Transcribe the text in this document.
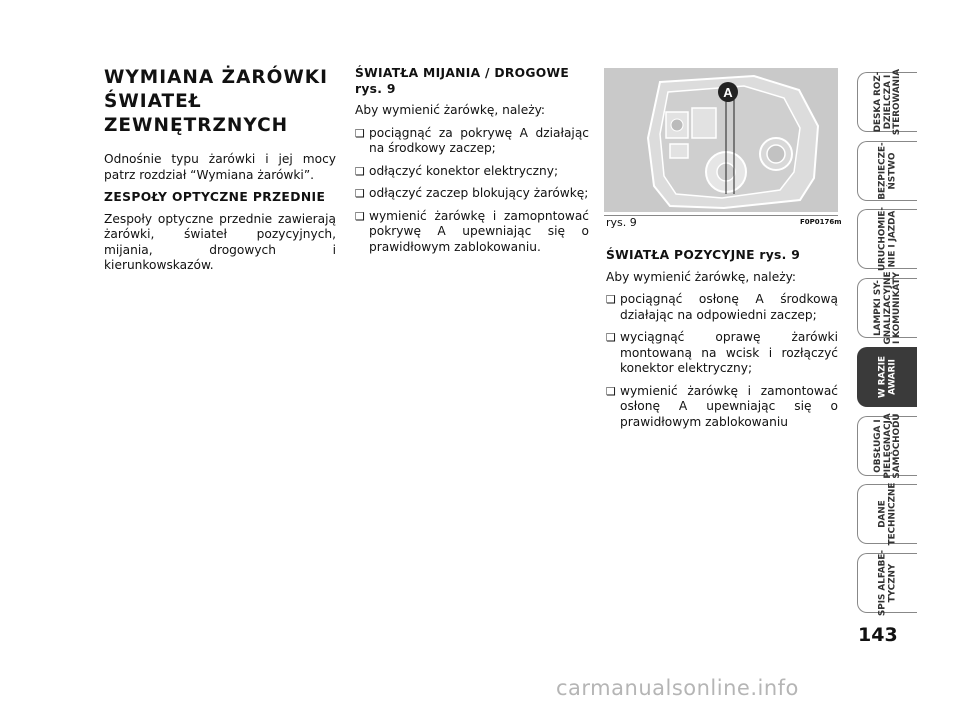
WYMIANA ŻARÓWKI ŚWIATEŁ ZEWNĘTRZNYCH

Odnośnie typu żarówki i jej mocy patrz rozdział “Wymiana żarówki”.

ZESPOŁY OPTYCZNE PRZEDNIE

Zespoły optyczne przednie zawierają żarówki, świateł pozycyjnych, mijania, drogowych i kierunkowskazów.

ŚWIATŁA MIJANIA / DROGOWE rys. 9

Aby wymienić żarówkę, należy:

❑ pociągnąć za pokrywę A działając na środkowy zaczep;
❑ odłączyć konektor elektryczny;
❑ odłączyć zaczep blokujący żarówkę;
❑ wymienić żarówkę i zamopntować pokrywę A upewniając się o prawidłowym zablokowaniu.
A
rys. 9	F0P0176m
ŚWIATŁA POZYCYJNE rys. 9

Aby wymienić żarówkę, należy:

❑ pociągnąć osłonę A środkową działając na odpowiedni zaczep;
❑ wyciągnąć oprawę żarówki montowaną na wcisk i rozłączyć konektor elektryczny;
❑ wymienić żarówkę i zamontować osłonę A upewniając się o prawidłowym zablokowaniu
DESKA ROZ-
DZIELCZA I
STEROWANIA
BEZPIECZE-
ŃSTWO
URUCHOMIE-
NIE I JAZDA
LAMPKI SY-
GNALIZACYJNE
I KOMUNIKATY
W RAZIE
AWARII
OBSŁUGA I
PIELĘGNACJA
SAMOCHODU
DANE
TECHNICZNE
SPIS ALFABE-
TYCZNY
143
carmanualsonline.info
